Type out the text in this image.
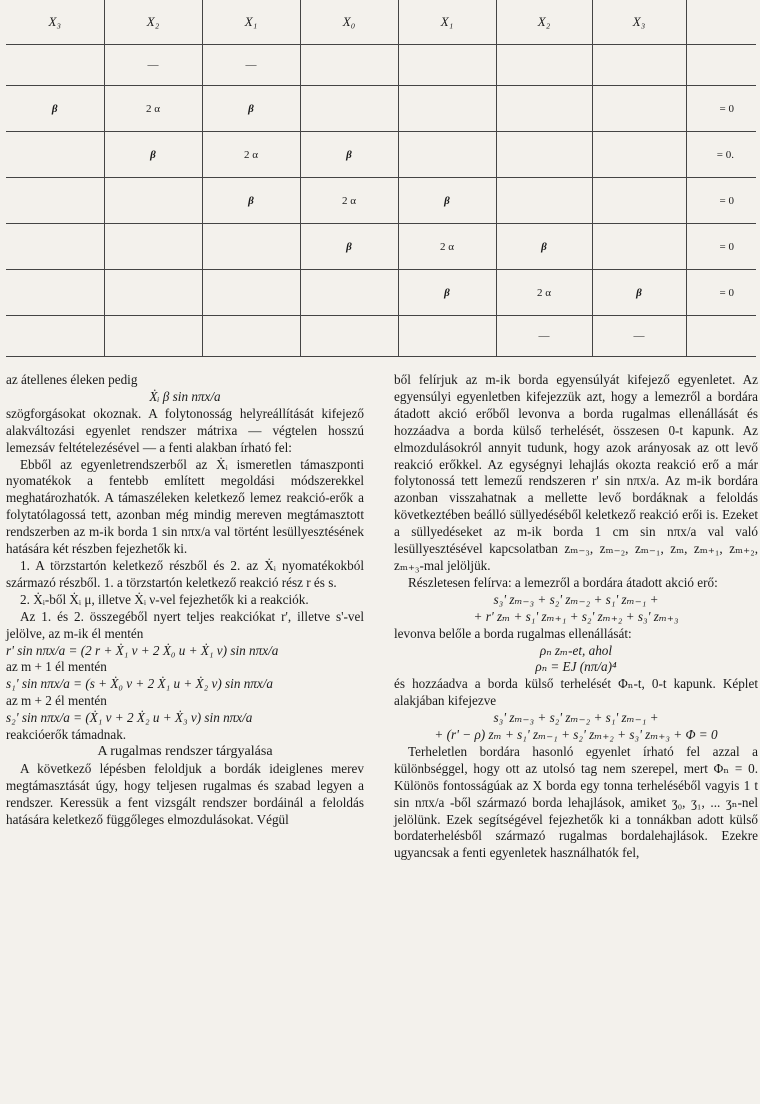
X₃	X₂	X₁	X₀	X₁	X₂	X₃	
	—	—					
β	2 α	β					= 0
	β	2 α	β				= 0.
		β	2 α	β			= 0
			β	2 α	β		= 0
				β	2 α	β	= 0
					—	—	

az átellenes éleken pedig

Ẋᵢ β sin nπx/a

szögforgásokat okoznak. A folytonosság helyreállítását kifejező alakváltozási egyenlet rendszer mátrixa — végtelen hosszú lemezsáv feltételezésével — a fenti alakban írható fel:

Ebből az egyenletrendszerből az Ẋᵢ ismeretlen támaszponti nyomatékok a fentebb említett megoldási módszerekkel meghatározhatók. A támaszéleken keletkező lemez reakció-erők a folytatólagossá tett, azonban még mindig mereven megtámasztott rendszerben az m-ik borda 1 sin nπx/a val történt lesüllyesztésének hatására két részben fejezhetők ki.

1. A törzstartón keletkező részből és 2. az Ẋᵢ nyomatékokból származó részből. 1. a törzstartón keletkező reakció rész r és s.

2. Ẋᵢ-ből Ẋᵢ μ, illetve Ẋᵢ ν-vel fejezhetők ki a reakciók.

Az 1. és 2. összegéből nyert teljes reakciókat r', illetve s'-vel jelölve, az m-ik él mentén

r' sin nπx/a = (2 r + Ẋ₁ ν + 2 Ẋ₀ u + Ẋ₁ ν) sin nπx/a

az m + 1 él mentén

s₁' sin nπx/a = (s + Ẋ₀ ν + 2 Ẋ₁ u + Ẋ₂ ν) sin nπx/a

az m + 2 él mentén

s₂' sin nπx/a = (Ẋ₁ ν + 2 Ẋ₂ u + Ẋ₃ ν) sin nπx/a

reakcióerők támadnak.

A rugalmas rendszer tárgyalása

A következő lépésben feloldjuk a bordák ideiglenes merev megtámasztását úgy, hogy teljesen rugalmas és szabad legyen a rendszer. Keressük a fent vizsgált rendszer bordáinál a feloldás hatására keletkező függőleges elmozdulásokat. Végül

ből felírjuk az m-ik borda egyensúlyát kifejező egyenletet. Az egyensúlyi egyenletben kifejezzük azt, hogy a lemezről a bordára átadott akció erőből levonva a borda rugalmas ellenállását és hozzáadva a borda külső terhelését, összesen 0-t kapunk. Az elmozdulásokról annyit tudunk, hogy azok arányosak az ott levő reakció erőkkel. Az egységnyi lehajlás okozta reakció erő a már folytonossá tett lemezű rendszeren r' sin nπx/a. Az m-ik bordára azonban visszahatnak a mellette levő bordáknak a feloldás következtében beálló süllyedéséből keletkező reakció erői is. Ezeket a süllyedéseket az m-ik borda 1 cm sin nπx/a val való lesüllyesztésével kapcsolatban zₘ₋₃, zₘ₋₂, zₘ₋₁, zₘ, zₘ₊₁, zₘ₊₂, zₘ₊₃-mal jelöljük.

Részletesen felírva: a lemezről a bordára átadott akció erő:

s₃' zₘ₋₃ + s₂' zₘ₋₂ + s₁' zₘ₋₁ +

+ r' zₘ + s₁' zₘ₊₁ + s₂' zₘ₊₂ + s₃' zₘ₊₃

levonva belőle a borda rugalmas ellenállását:

ρₙ zₘ-et, ahol

ρₙ = EJ (nπ/a)⁴

és hozzáadva a borda külső terhelését Φₙ-t, 0-t kapunk. Képlet alakjában kifejezve

s₃' zₘ₋₃ + s₂' zₘ₋₂ + s₁' zₘ₋₁ +

+ (r' − ρ) zₘ + s₁' zₘ₋₁ + s₂' zₘ₊₂ + s₃' zₘ₊₃ + Φ = 0

Terheletlen bordára hasonló egyenlet írható fel azzal a különbséggel, hogy ott az utolsó tag nem szerepel, mert Φₙ = 0. Különös fontosságúak az X borda egy tonna terheléséből vagyis 1 t sin nπx/a -ből származó borda lehajlások, amiket ʒ₀, ʒ₁, ... ʒₙ-nel jelölünk. Ezek segítségével fejezhetők ki a tonnákban adott külső bordaterhelésből származó rugalmas bordalehajlások. Ezekre ugyancsak a fenti egyenletek használhatók fel,
